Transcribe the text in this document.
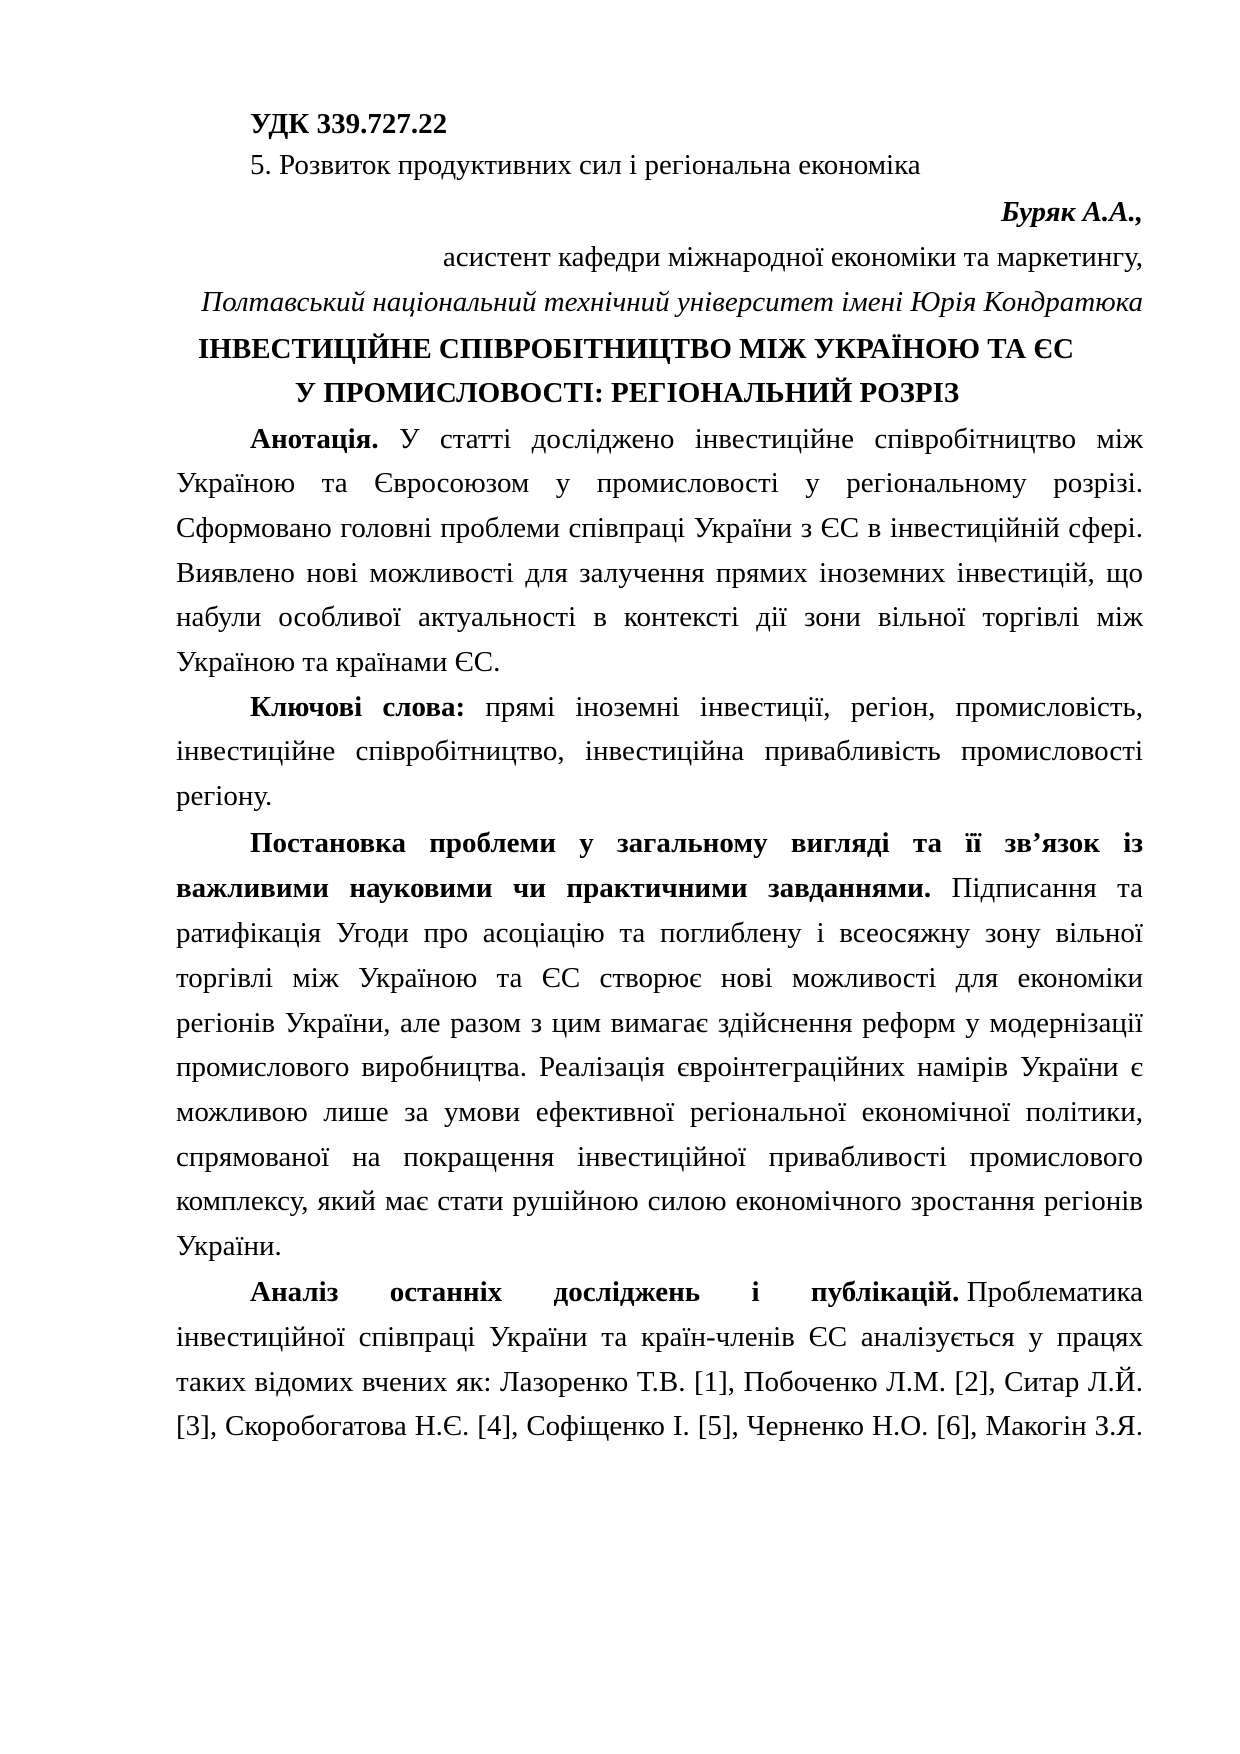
УДК 339.727.22
5. Розвиток продуктивних сил і регіональна економіка
Буряк А.А.,
асистент кафедри міжнародної економіки та маркетингу,
Полтавський національний технічний університет імені Юрія Кондратюка
ІНВЕСТИЦІЙНЕ СПІВРОБІТНИЦТВО МІЖ УКРАЇНОЮ ТА ЄС
У ПРОМИСЛОВОСТІ: РЕГІОНАЛЬНИЙ РОЗРІЗ
Анотація. У статті досліджено інвестиційне співробітництво між
Україною та Євросоюзом у промисловості у регіональному розрізі.
Сформовано головні проблеми співпраці України з ЄС в інвестиційній сфері.
Виявлено нові можливості для залучення прямих іноземних інвестицій, що
набули особливої актуальності в контексті дії зони вільної торгівлі між
Україною та країнами ЄС.
Ключові слова: прямі іноземні інвестиції, регіон, промисловість,
інвестиційне співробітництво, інвестиційна привабливість промисловості
регіону.
Постановка проблеми у загальному вигляді та її зв’язок із
важливими науковими чи практичними завданнями. Підписання та
ратифікація Угоди про асоціацію та поглиблену і всеосяжну зону вільної
торгівлі між Україною та ЄС створює нові можливості для економіки
регіонів України, але разом з цим вимагає здійснення реформ у модернізації
промислового виробництва. Реалізація євроінтеграційних намірів України є
можливою лише за умови ефективної регіональної економічної політики,
спрямованої на покращення інвестиційної привабливості промислового
комплексу, який має стати рушійною силою економічного зростання регіонів
України.
Аналіз останніх досліджень і публікацій. Проблематика
інвестиційної співпраці України та країн-членів ЄС аналізується у працях
таких відомих вчених як: Лазоренко Т.В. [1], Побоченко Л.М. [2], Ситар Л.Й.
[3], Скоробогатова Н.Є. [4], Софіщенко І. [5], Черненко Н.О. [6], Макогін З.Я.
